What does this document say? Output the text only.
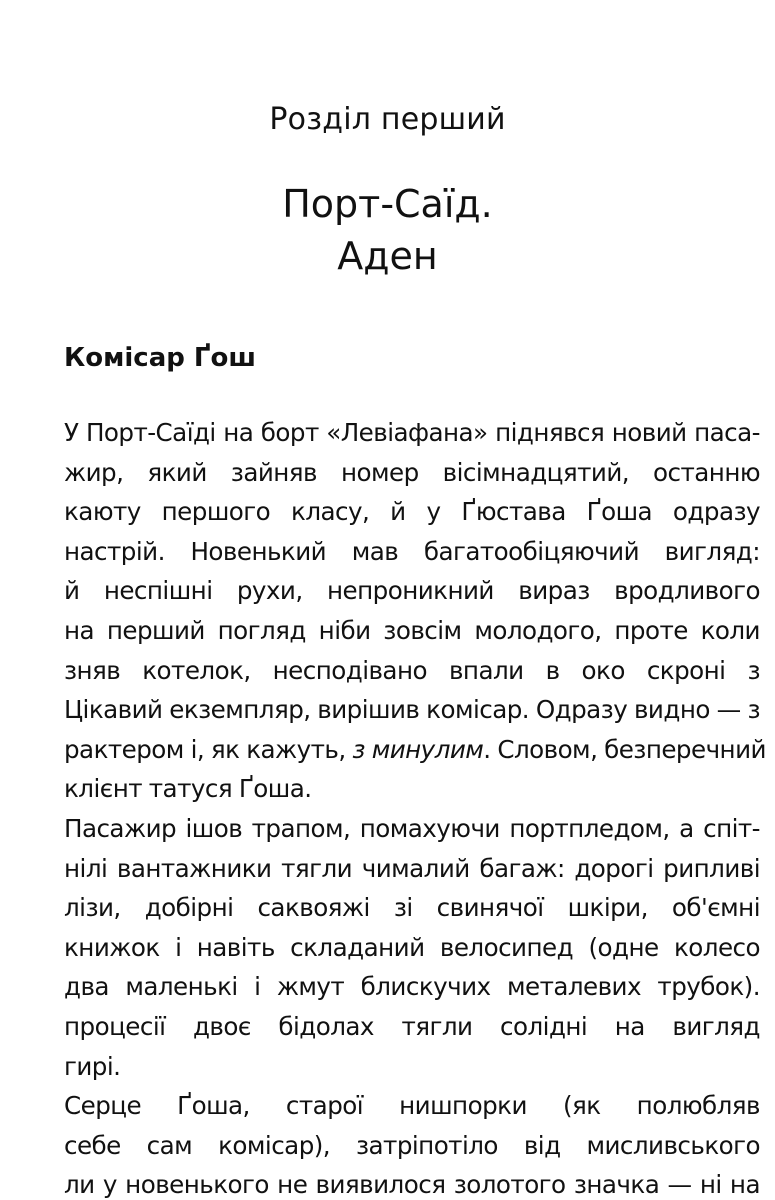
Розділ перший
Порт-Саїд.
Аден
Комісар Ґош
У Порт-Саїді на борт «Левіафана» піднявся новий паса-
жир, який зайняв номер вісімнадцятий, останню
каюту першого класу, й у Ґюстава Ґоша одразу
настрій. Новенький мав багатообіцяючий вигляд:
й неспішні рухи, непроникний вираз вродливого
на перший погляд ніби зовсім молодого, проте коли
зняв котелок, несподівано впали в око скроні з
Цікавий екземпляр, вирішив комісар. Одразу видно — з
рактером і, як кажуть, з минулим. Словом, безперечний
клієнт татуся Ґоша.
Пасажир ішов трапом, помахуючи портпледом, а спіт-
нілі вантажники тягли чималий багаж: дорогі рипливі
лізи, добірні саквояжі зі свинячої шкіри, об'ємні
книжок і навіть складаний велосипед (одне колесо
два маленькі і жмут блискучих металевих трубок).
процесії двоє бідолах тягли солідні на вигляд
гирі.
Серце Ґоша, старої нишпорки (як полюбляв
себе сам комісар), затріпотіло від мисливського
ли у новенького не виявилося золотого значка — ні на
